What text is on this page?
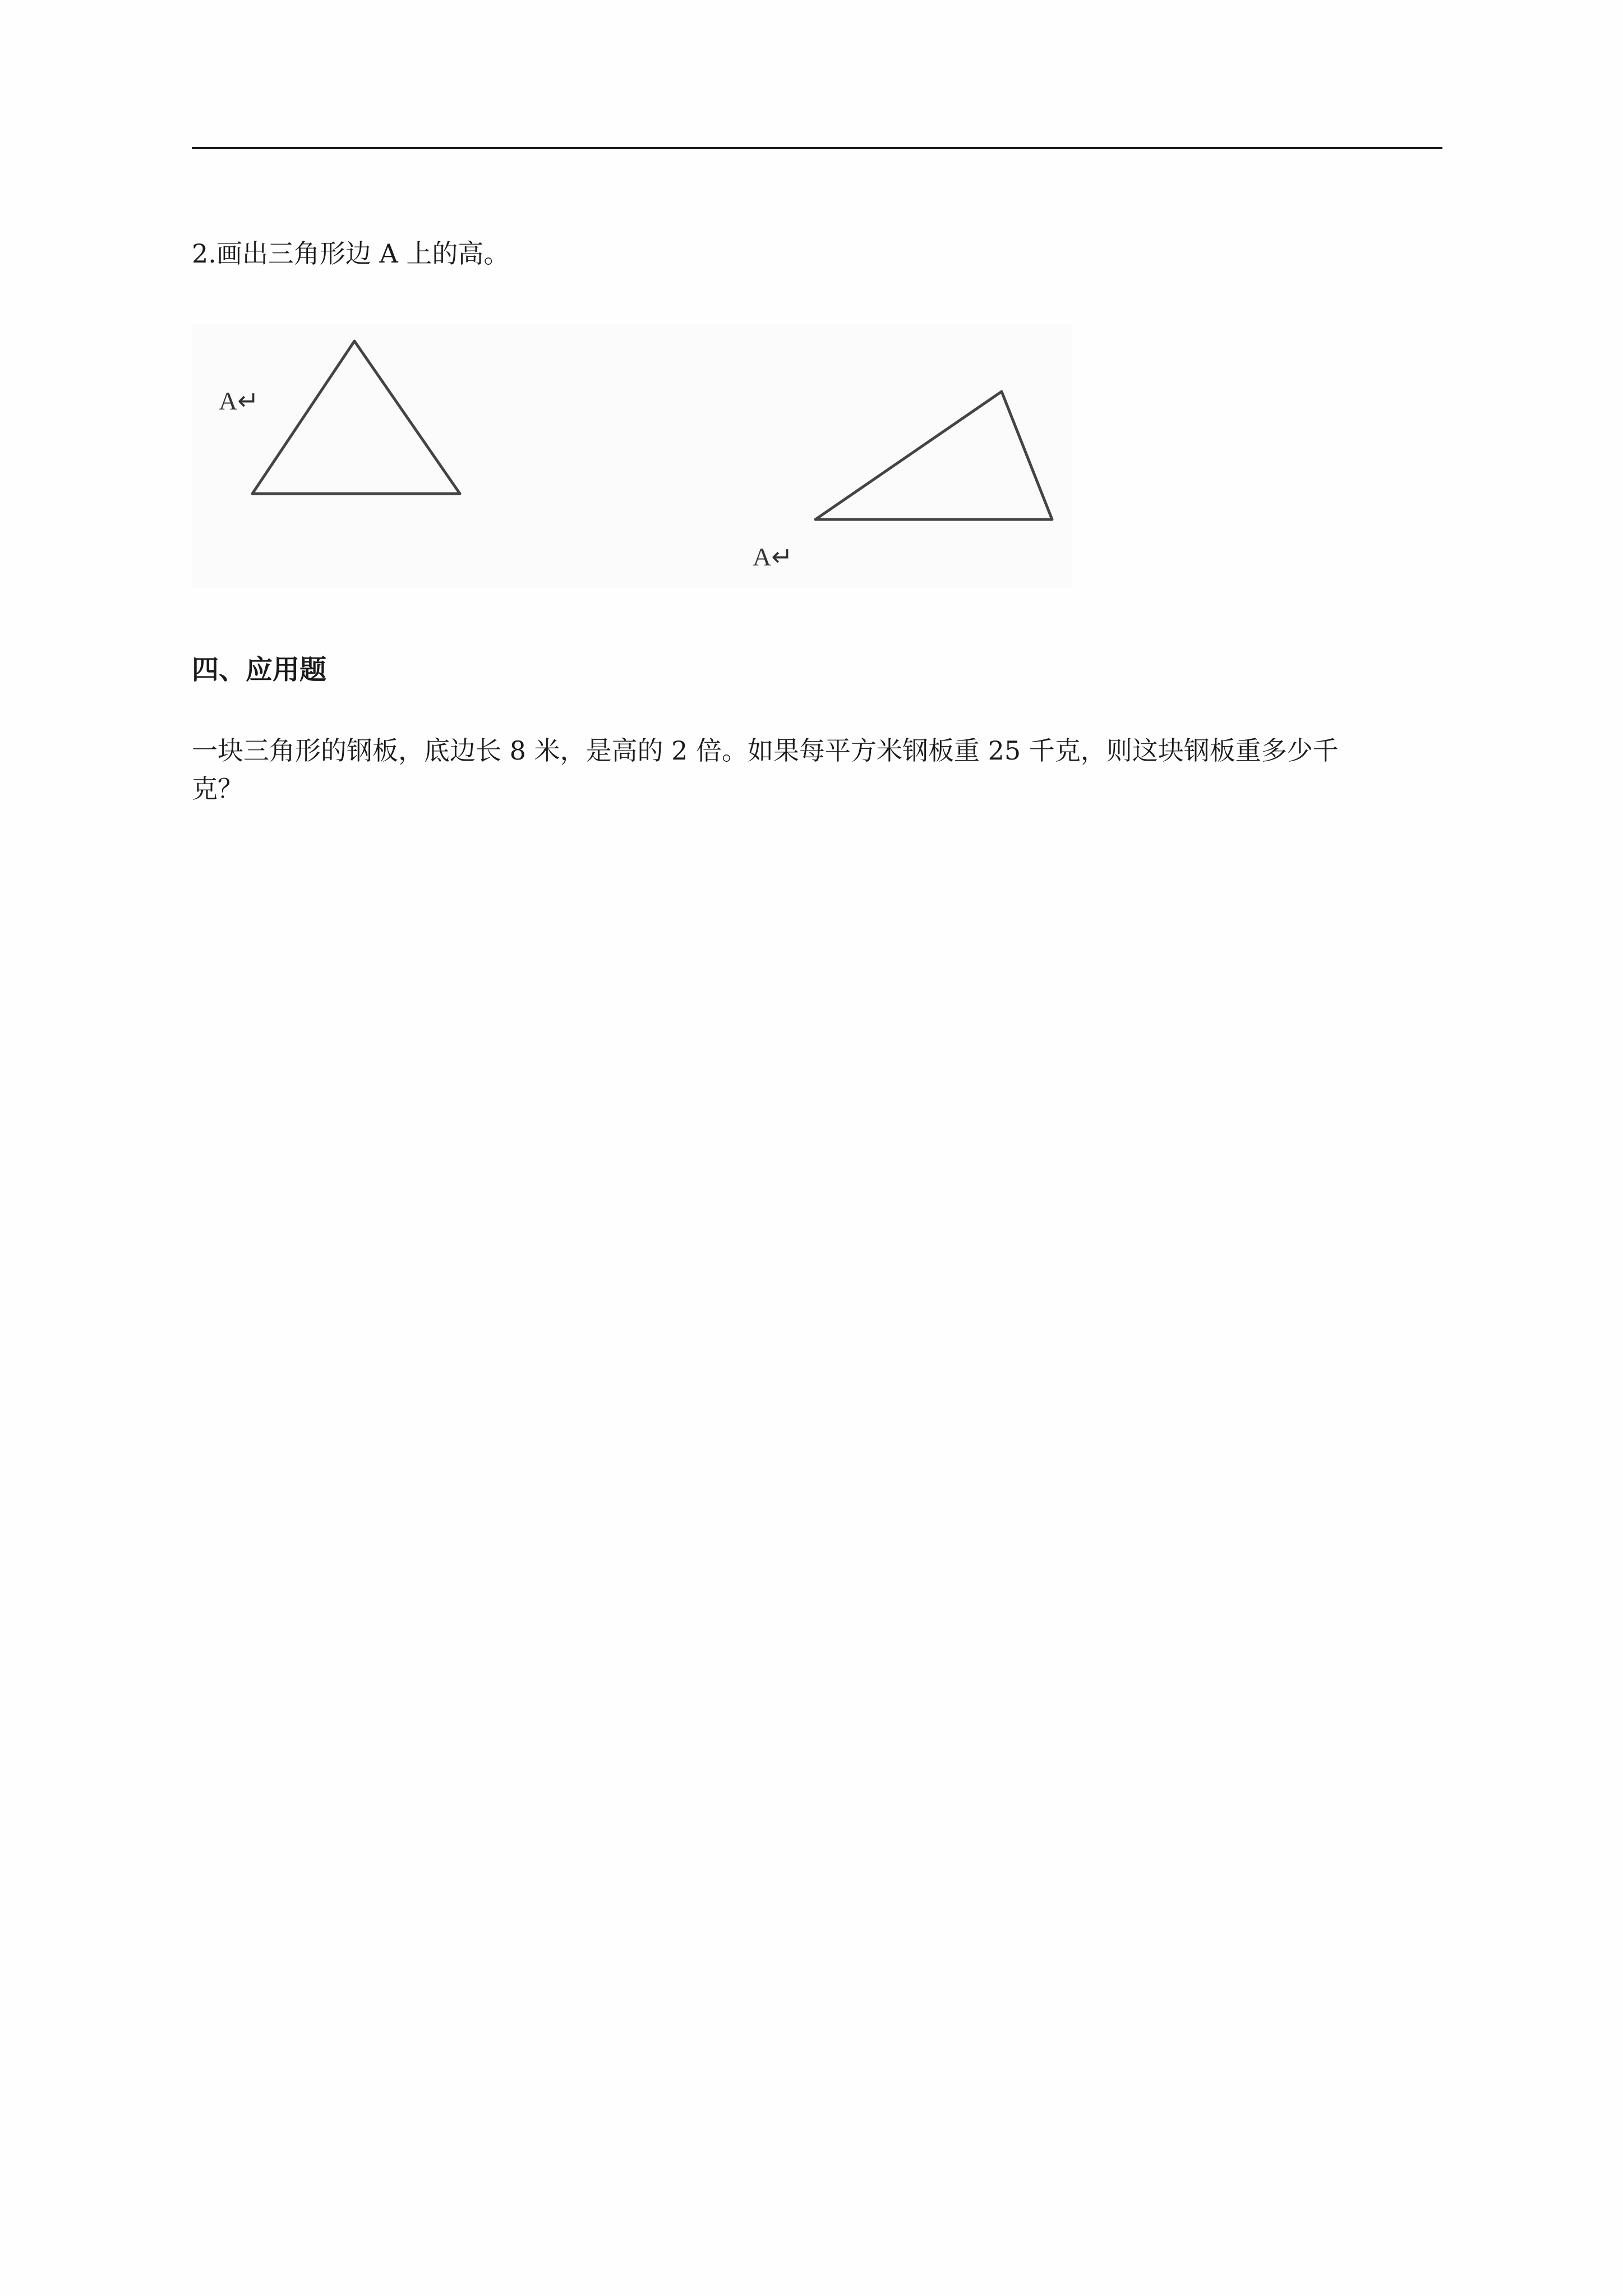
2.画出三角形边 A 上的高。
A↵
A↵
四、应用题
一块三角形的钢板，底边长 8 米，是高的 2 倍。如果每平方米钢板重 25 千克，则这块钢板重多少千
克？
